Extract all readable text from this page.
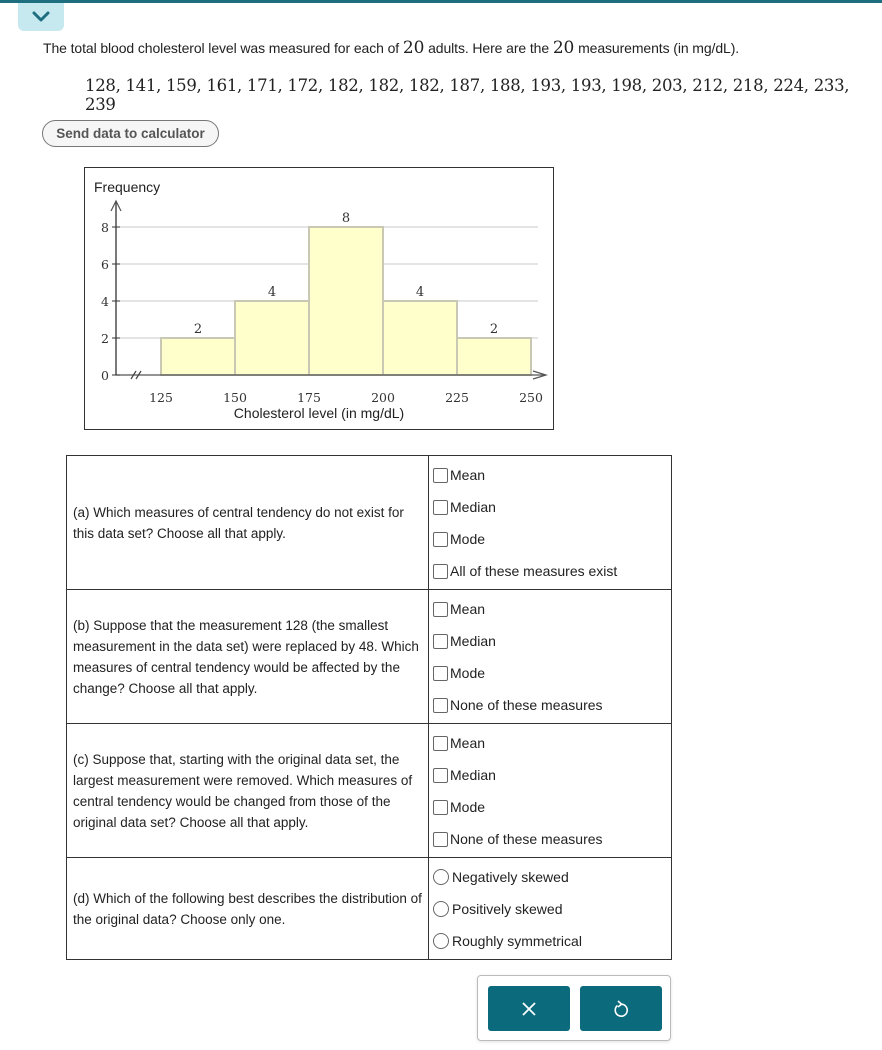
The total blood cholesterol level was measured for each of 20 adults. Here are the 20 measurements (in mg/dL).
128, 141, 159, 161, 171, 172, 182, 182, 182, 187, 188, 193, 193, 198, 203, 212, 218, 224, 233, 239
Send data to calculator
2
4
8
4
2
0
2
4
6
8
125	150	175	200	225	250
Frequency
Cholesterol level (in mg/dL)
(a) Which measures of central tendency do not exist for this data set? Choose all that apply.	Mean
Median
Mode
All of these measures exist

(b) Suppose that the measurement 128 (the smallest measurement in the data set) were replaced by 48. Which measures of central tendency would be affected by the change? Choose all that apply.	Mean
Median
Mode
None of these measures

(c) Suppose that, starting with the original data set, the largest measurement were removed. Which measures of central tendency would be changed from those of the original data set? Choose all that apply.	
Mean
Median
Mode
None of these measures

(d) Which of the following best describes the distribution of the original data? Choose only one.	Negatively skewed
Positively skewed
Roughly symmetrical
